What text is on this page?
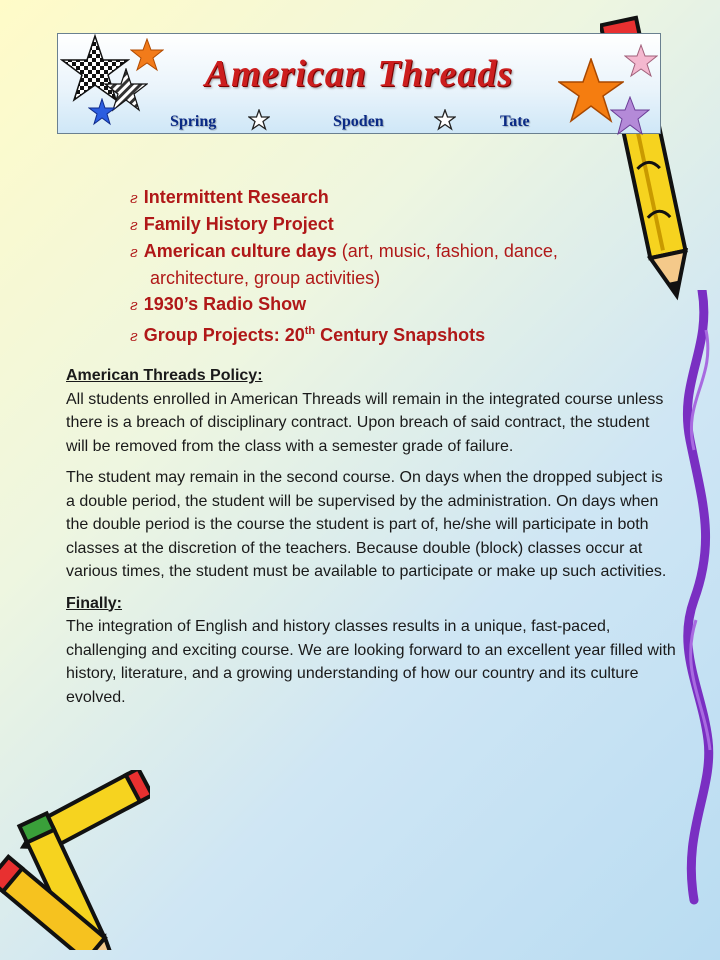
American Threads
Spring	Spoden	Tate
ƨ Intermittent Research
ƨ Family History Project
ƨ American culture days (art, music, fashion, dance,
architecture, group activities)
ƨ 1930’s Radio Show
ƨ Group Projects: 20th Century Snapshots

American Threads Policy:
All students enrolled in American Threads will remain in the integrated course unless there is a breach of disciplinary contract. Upon breach of said contract, the student will be removed from the class with a semester grade of failure.

The student may remain in the second course. On days when the dropped subject is a double period, the student will be supervised by the administration. On days when the double period is the course the student is part of, he/she will participate in both classes at the discretion of the teachers. Because double (block) classes occur at various times, the student must be available to participate or make up such activities.

Finally:
The integration of English and history classes results in a unique, fast-paced, challenging and exciting course. We are looking forward to an excellent year filled with history, literature, and a growing understanding of how our country and its culture evolved.
